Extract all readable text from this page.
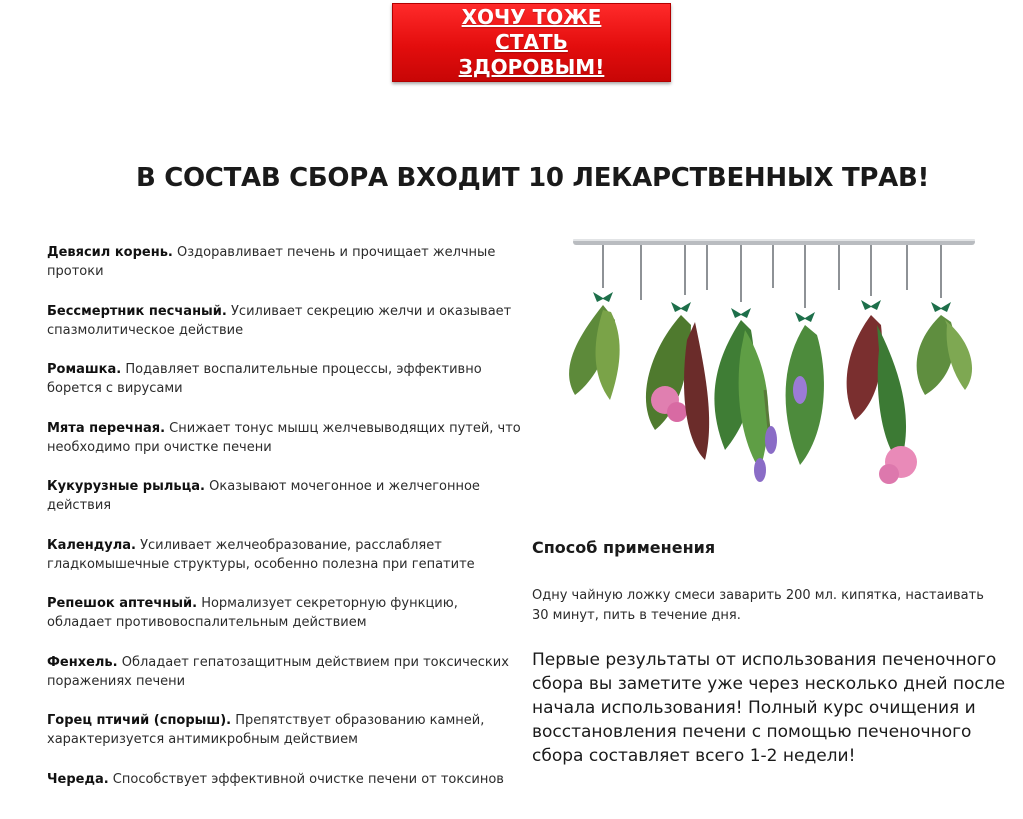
ХОЧУ ТОЖЕ СТАТЬ ЗДОРОВЫМ!
В СОСТАВ СБОРА ВХОДИТ 10 ЛЕКАРСТВЕННЫХ ТРАВ!
Девясил корень. Оздоравливает печень и прочищает желчные протоки
Бессмертник песчаный. Усиливает секрецию желчи и оказывает спазмолитическое действие
Ромашка. Подавляет воспалительные процессы, эффективно борется с вирусами
Мята перечная. Снижает тонус мышц желчевыводящих путей, что необходимо при очистке печени
Кукурузные рыльца. Оказывают мочегонное и желчегонное действия
Календула. Усиливает желчеобразование, расслабляет гладкомышечные структуры, особенно полезна при гепатите
Репешок аптечный. Нормализует секреторную функцию, обладает противовоспалительным действием
Фенхель. Обладает гепатозащитным действием при токсических поражениях печени
Горец птичий (спорыш). Препятствует образованию камней, характеризуется антимикробным действием
Череда. Способствует эффективной очистке печени от токсинов
Способ применения
Одну чайную ложку смеси заварить 200 мл. кипятка, настаивать 30 минут, пить в течение дня.
Первые результаты от использования печеночного сбора вы заметите уже через несколько дней после начала использования! Полный курс очищения и восстановления печени с помощью печеночного сбора составляет всего 1-2 недели!
